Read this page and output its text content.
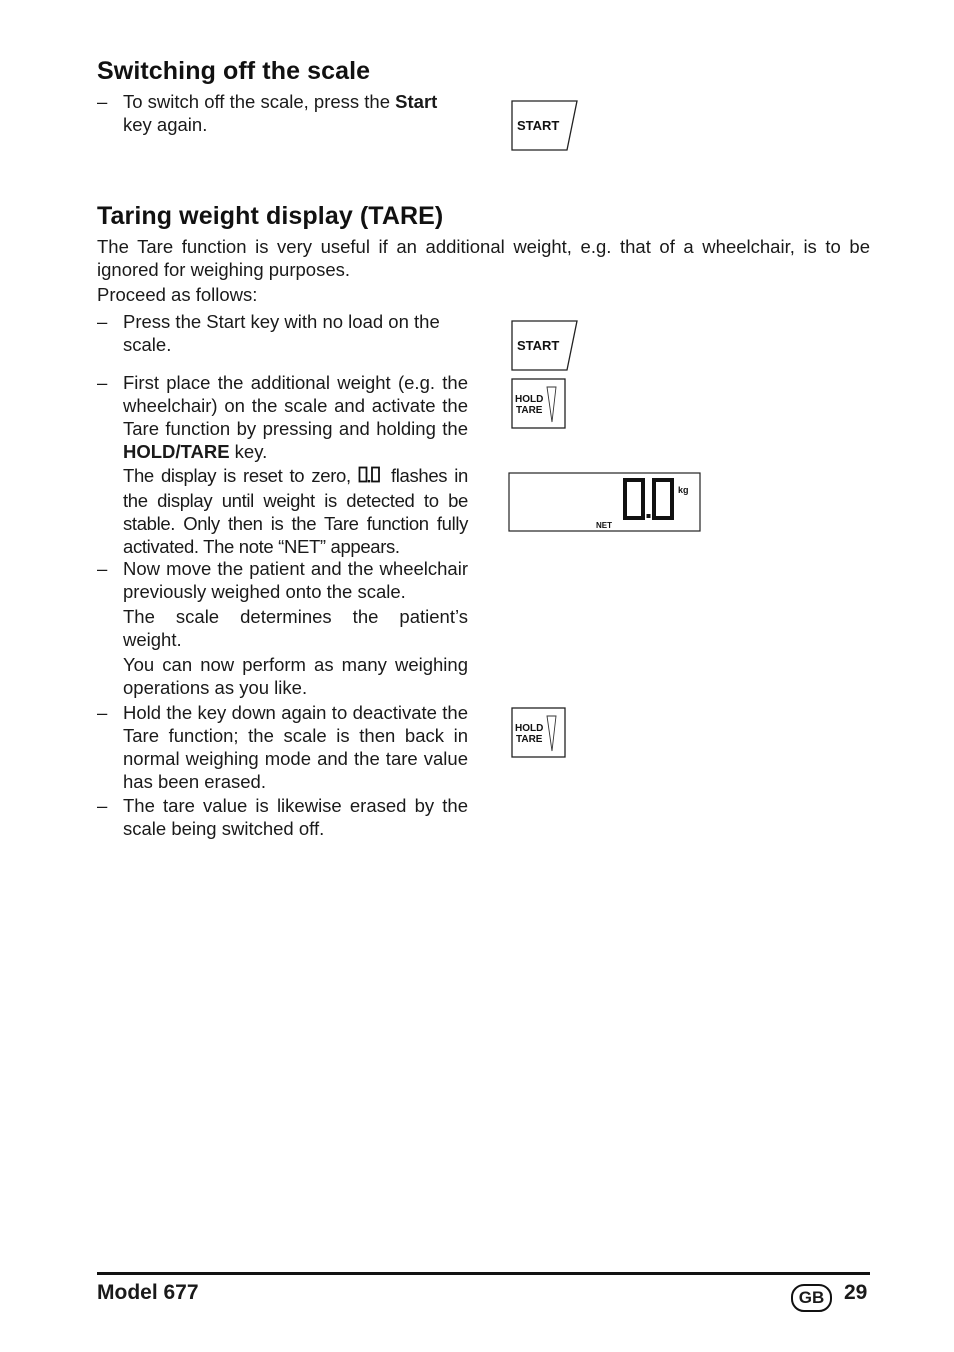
Switching off the scale
– To switch off the scale, press the Start key again.	START
Taring weight display (TARE)
The Tare function is very useful if an additional weight, e.g. that of a wheelchair, is to be ignored for weighing purposes.
Proceed as follows:
– Press the Start key with no load on the scale.
– First place the additional weight (e.g. the wheelchair) on the scale and activate the Tare function by pressing and holding the HOLD/TARE key.
The display is reset to zero,  flashes in the display until weight is detected to be stable. Only then is the Tare function fully activated. The note “NET” appears.
– Now move the patient and the wheelchair previously weighed onto the scale.
The scale determines the patient’s weight.
You can now perform as many weighing operations as you like.
– Hold the key down again to deactivate the Tare function; the scale is then back in normal weighing mode and the tare value has been erased.
– The tare value is likewise erased by the scale being switched off.
START
HOLD
TARE
kg
NET
HOLD
TARE
Model 677	GB 29
